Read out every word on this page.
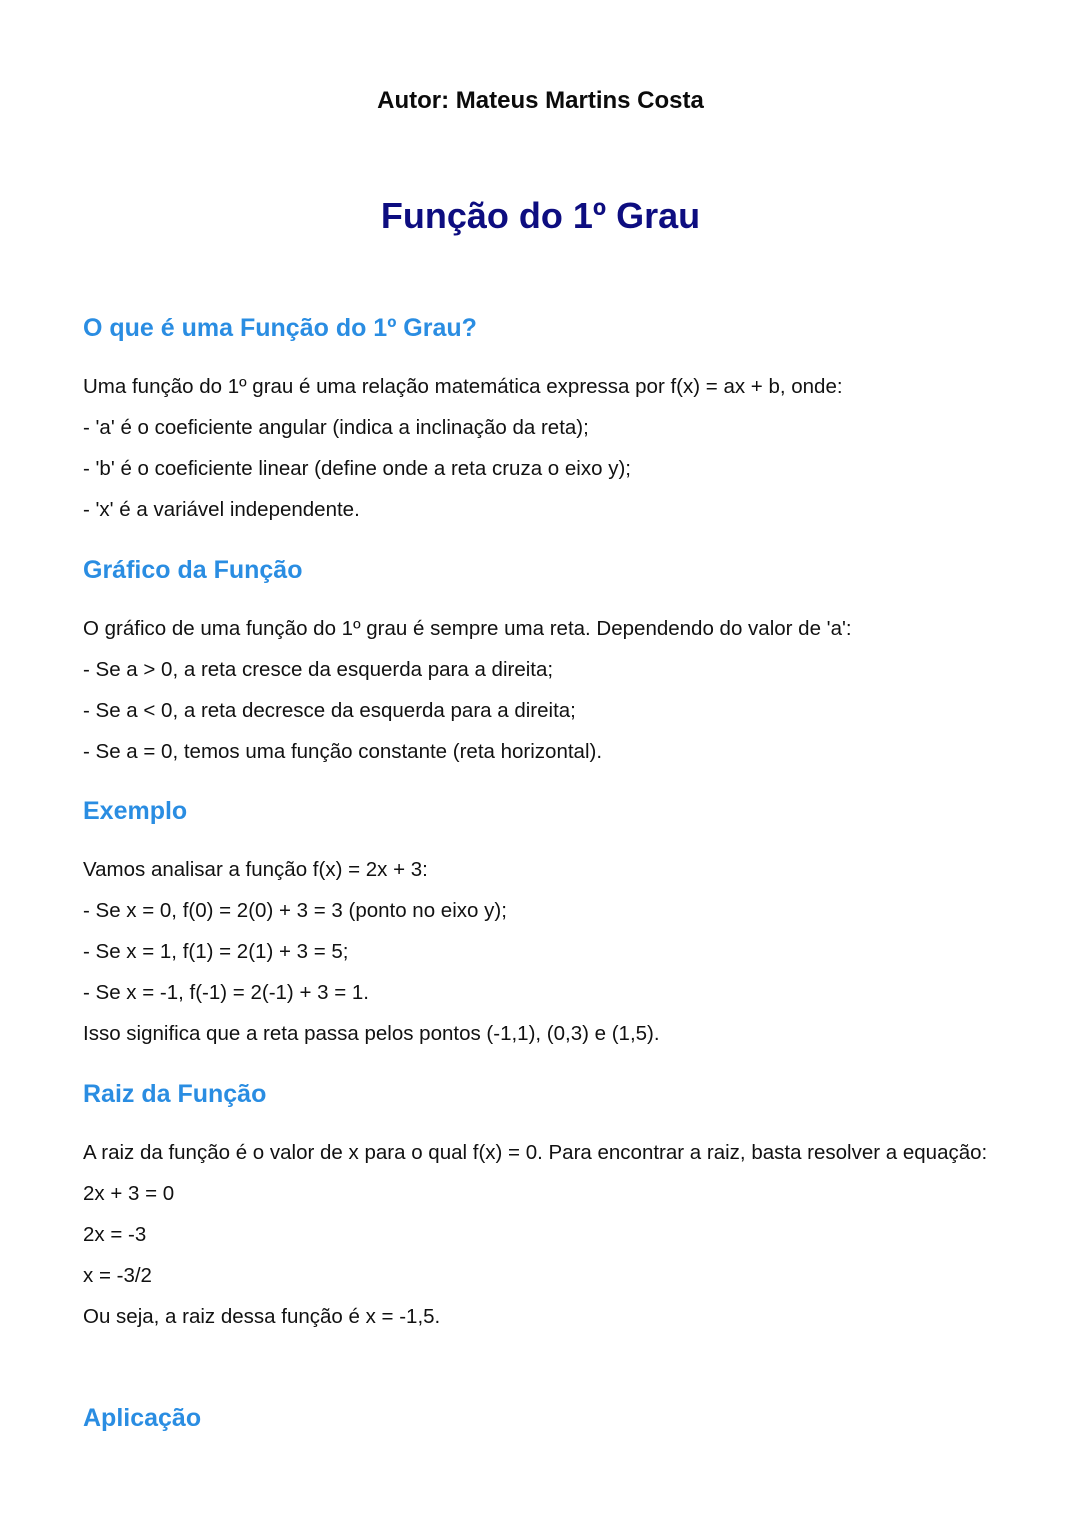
Autor: Mateus Martins Costa

Função do 1º Grau
O que é uma Função do 1º Grau?

Uma função do 1º grau é uma relação matemática expressa por f(x) = ax + b, onde:

- 'a' é o coeficiente angular (indica a inclinação da reta);

- 'b' é o coeficiente linear (define onde a reta cruza o eixo y);

- 'x' é a variável independente.

Gráfico da Função

O gráfico de uma função do 1º grau é sempre uma reta. Dependendo do valor de 'a':

- Se a > 0, a reta cresce da esquerda para a direita;

- Se a < 0, a reta decresce da esquerda para a direita;

- Se a = 0, temos uma função constante (reta horizontal).

Exemplo

Vamos analisar a função f(x) = 2x + 3:

- Se x = 0, f(0) = 2(0) + 3 = 3 (ponto no eixo y);

- Se x = 1, f(1) = 2(1) + 3 = 5;

- Se x = -1, f(-1) = 2(-1) + 3 = 1.

Isso significa que a reta passa pelos pontos (-1,1), (0,3) e (1,5).

Raiz da Função

A raiz da função é o valor de x para o qual f(x) = 0. Para encontrar a raiz, basta resolver a equação:

2x + 3 = 0

2x = -3

x = -3/2

Ou seja, a raiz dessa função é x = -1,5.

Aplicação
